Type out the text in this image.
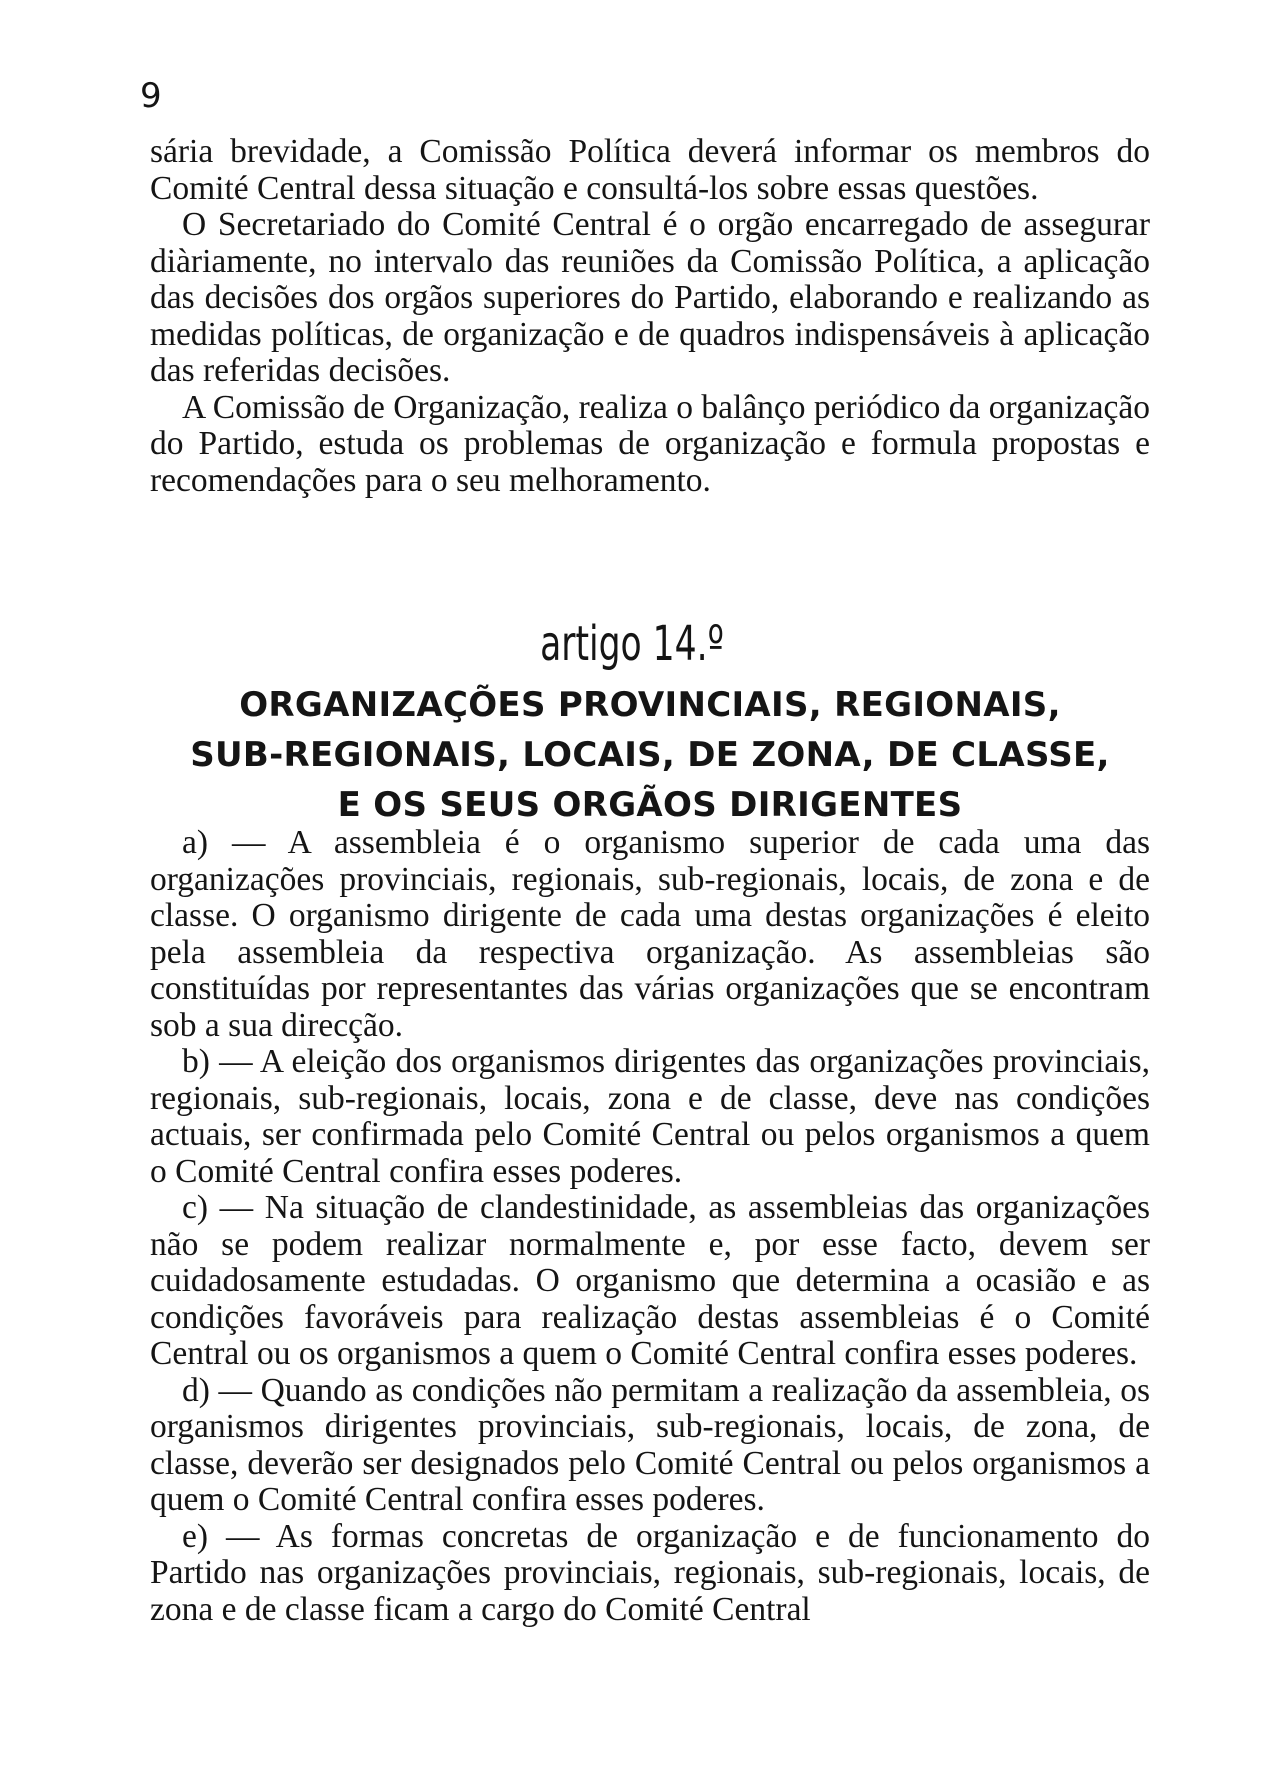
9

sária brevidade, a Comissão Política deverá informar os membros do Comité Central dessa situação e consultá-los sobre essas questões.

O Secretariado do Comité Central é o orgão encarregado de assegurar diàriamente, no intervalo das reuniões da Comissão Política, a aplicação das decisões dos orgãos superiores do Partido, elaborando e realizando as medidas políticas, de organização e de quadros indispensáveis à aplicação das referidas decisões.

A Comissão de Organização, realiza o balânço periódico da organização do Partido, estuda os problemas de organização e formula propostas e recomendações para o seu melhoramento.

artigo 14.º
ORGANIZAÇÕES PROVINCIAIS, REGIONAIS,
SUB-REGIONAIS, LOCAIS, DE ZONA, DE CLASSE,
E OS SEUS ORGÃOS DIRIGENTES

a) — A assembleia é o organismo superior de cada uma das organizações provinciais, regionais, sub-regionais, locais, de zona e de classe. O organismo dirigente de cada uma destas organizações é eleito pela assembleia da respectiva organização. As assembleias são constituídas por representantes das várias organizações que se encontram sob a sua direcção.

b) — A eleição dos organismos dirigentes das organizações provinciais, regionais, sub-regionais, locais, zona e de classe, deve nas condições actuais, ser confirmada pelo Comité Central ou pelos organismos a quem o Comité Central confira esses poderes.

c) — Na situação de clandestinidade, as assembleias das organizações não se podem realizar normalmente e, por esse facto, devem ser cuidadosamente estudadas. O organismo que determina a ocasião e as condições favoráveis para realização destas assembleias é o Comité Central ou os organismos a quem o Comité Central confira esses poderes.

d) — Quando as condições não permitam a realização da assembleia, os organismos dirigentes provinciais, sub-regionais, locais, de zona, de classe, deverão ser designados pelo Comité Central ou pelos organismos a quem o Comité Central confira esses poderes.

e) — As formas concretas de organização e de funcionamento do Partido nas organizações provinciais, regionais, sub-regionais, locais, de zona e de classe ficam a cargo do Comité Central
